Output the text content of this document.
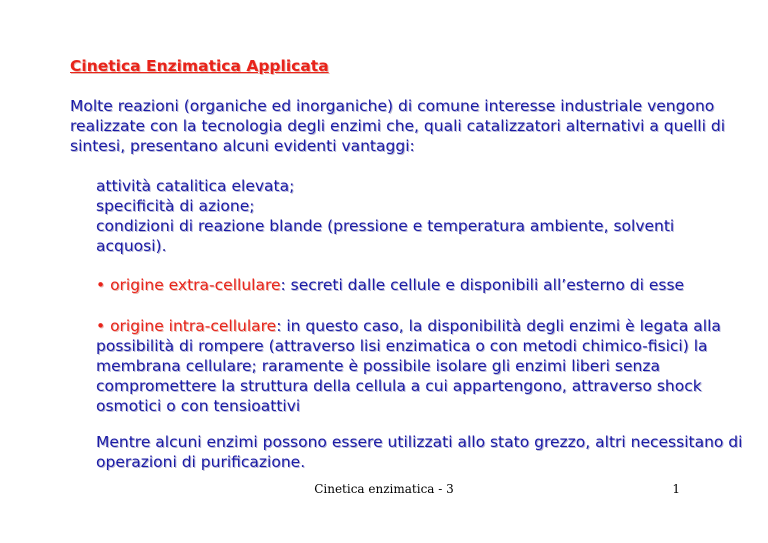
Cinetica Enzimatica Applicata

Molte reazioni (organiche ed inorganiche) di comune interesse industriale vengono
realizzate con la tecnologia degli enzimi che, quali catalizzatori alternativi a quelli di
sintesi, presentano alcuni evidenti vantaggi:

attività catalitica elevata;
specificità di azione;
condizioni di reazione blande (pressione e temperatura ambiente, solventi
acquosi).

• origine extra-cellulare: secreti dalle cellule e disponibili all’esterno di esse

• origine intra-cellulare: in questo caso, la disponibilità degli enzimi è legata alla
possibilità di rompere (attraverso lisi enzimatica o con metodi chimico-fisici) la
membrana cellulare; raramente è possibile isolare gli enzimi liberi senza
compromettere la struttura della cellula a cui appartengono, attraverso shock
osmotici o con tensioattivi

Mentre alcuni enzimi possono essere utilizzati allo stato grezzo, altri necessitano di
operazioni di purificazione.

Cinetica enzimatica - 3	1
